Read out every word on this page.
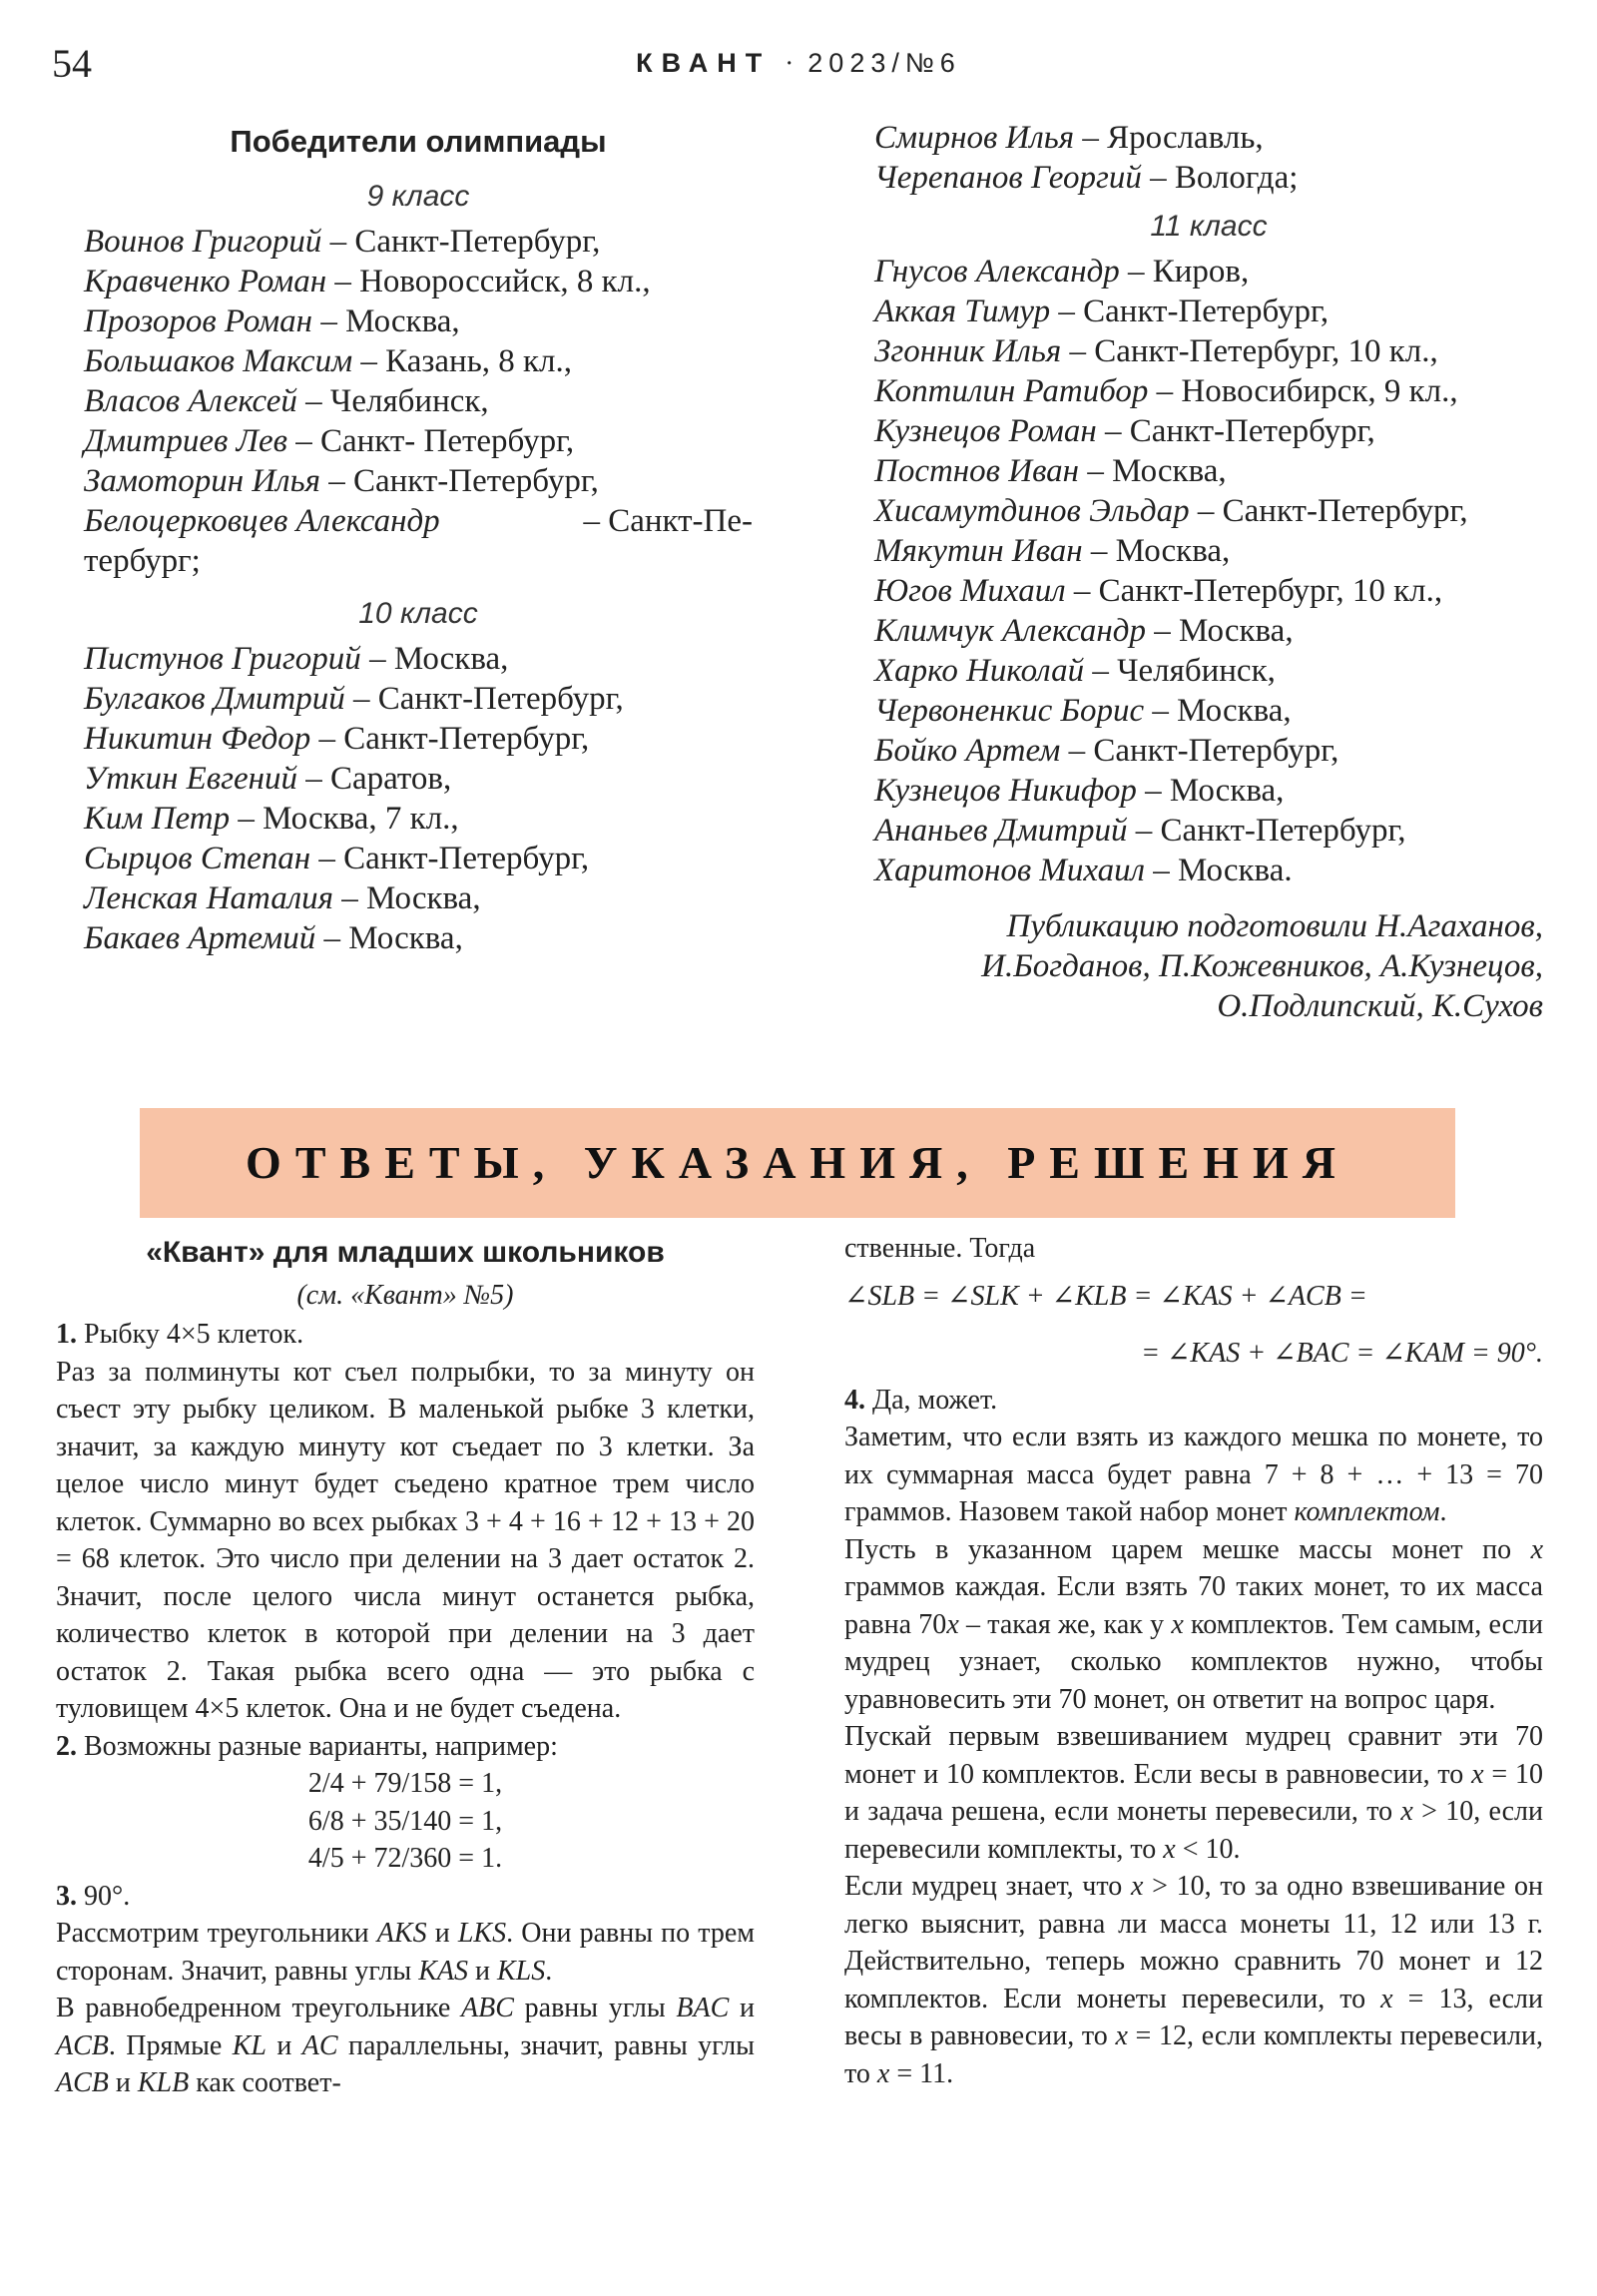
54	КВАНТ · 2023/№6
Победители олимпиады
9 класс
Воинов Григорий – Санкт-Петербург,
Кравченко Роман – Новороссийск, 8 кл.,
Прозоров Роман – Москва,
Большаков Максим – Казань, 8 кл.,
Власов Алексей – Челябинск,
Дмитриев Лев – Санкт- Петербург,
Замоторин Илья – Санкт-Петербург,
Белоцерковцев Александр	– Санкт-Пе-
тербург;
10 класс
Пистунов Григорий – Москва,
Булгаков Дмитрий – Санкт-Петербург,
Никитин Федор – Санкт-Петербург,
Уткин Евгений – Саратов,
Ким Петр – Москва, 7 кл.,
Сырцов Степан – Санкт-Петербург,
Ленская Наталия – Москва,
Бакаев Артемий – Москва,
Смирнов Илья – Ярославль,
Черепанов Георгий – Вологда;
11 класс
Гнусов Александр – Киров,
Аккая Тимур – Санкт-Петербург,
Згонник Илья – Санкт-Петербург, 10 кл.,
Коптилин Ратибор – Новосибирск, 9 кл.,
Кузнецов Роман – Санкт-Петербург,
Постнов Иван – Москва,
Хисамутдинов Эльдар – Санкт-Петербург,
Мякутин Иван – Москва,
Югов Михаил – Санкт-Петербург, 10 кл.,
Климчук Александр – Москва,
Харко Николай – Челябинск,
Червоненкис Борис – Москва,
Бойко Артем – Санкт-Петербург,
Кузнецов Никифор – Москва,
Ананьев Дмитрий – Санкт-Петербург,
Харитонов Михаил – Москва.
Публикацию подготовили Н.Агаханов,
И.Богданов, П.Кожевников, А.Кузнецов,
О.Подлипский, К.Сухов
ОТВЕТЫ, УКАЗАНИЯ, РЕШЕНИЯ
«Квант» для младших школьников
(см. «Квант» №5)

1. Рыбку 4×5 клеток.

Раз за полминуты кот съел полрыбки, то за минуту он съест эту рыбку целиком. В маленькой рыбке 3 клетки, значит, за каждую минуту кот съедает по 3 клетки. За целое число минут будет съедено кратное трем число клеток. Суммарно во всех рыбках 3 + 4 + 16 + 12 + 13 + 20 = 68 клеток. Это число при делении на 3 дает остаток 2. Значит, после целого числа минут останется рыбка, количество клеток в которой при делении на 3 дает остаток 2. Такая рыбка всего одна — это рыбка с туловищем 4×5 клеток. Она и не будет съедена.

2. Возможны разные варианты, например:

2/4 + 79/158 = 1,
6/8 + 35/140 = 1,
4/5 + 72/360 = 1.

3. 90°.

Рассмотрим треугольники AKS и LKS. Они равны по трем сторонам. Значит, равны углы KAS и KLS.

В равнобедренном треугольнике ABC равны углы BAC и ACB. Прямые KL и AC параллельны, значит, равны углы ACB и KLB как соответ-

ственные. Тогда

∠SLB = ∠SLK + ∠KLB = ∠KAS + ∠ACB =
= ∠KAS + ∠BAC = ∠KAM = 90°.

4. Да, может.

Заметим, что если взять из каждого мешка по монете, то их суммарная масса будет равна 7 + 8 + … + 13 = 70 граммов. Назовем такой набор монет комплектом.

Пусть в указанном царем мешке массы монет по x граммов каждая. Если взять 70 таких монет, то их масса равна 70x – такая же, как у x комплектов. Тем самым, если мудрец узнает, сколько комплектов нужно, чтобы уравновесить эти 70 монет, он ответит на вопрос царя.

Пускай первым взвешиванием мудрец сравнит эти 70 монет и 10 комплектов. Если весы в равновесии, то x = 10 и задача решена, если монеты перевесили, то x > 10, если перевесили комплекты, то x < 10.

Если мудрец знает, что x > 10, то за одно взвешивание он легко выяснит, равна ли масса монеты 11, 12 или 13 г. Действительно, теперь можно сравнить 70 монет и 12 комплектов. Если монеты перевесили, то x = 13, если весы в равновесии, то x = 12, если комплекты перевесили, то x = 11.
